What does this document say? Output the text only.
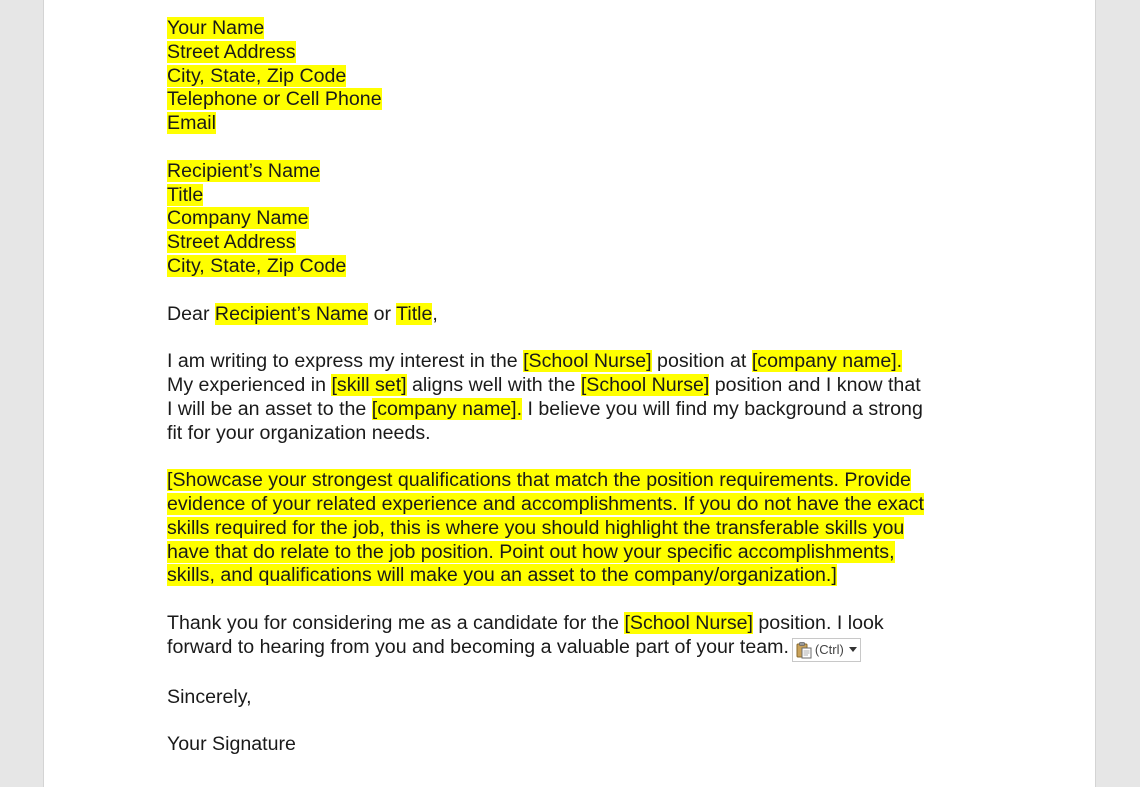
Your Name
Street Address
City, State, Zip Code
Telephone or Cell Phone
Email
Recipient’s Name
Title
Company Name
Street Address
City, State, Zip Code
Dear Recipient’s Name or Title,
I am writing to express my interest in the [School Nurse] position at [company name].
My experienced in [skill set] aligns well with the [School Nurse] position and I know that
I will be an asset to the [company name]. I believe you will find my background a strong
fit for your organization needs.
[Showcase your strongest qualifications that match the position requirements. Provide
evidence of your related experience and accomplishments. If you do not have the exact
skills required for the job, this is where you should highlight the transferable skills you
have that do relate to the job position. Point out how your specific accomplishments,
skills, and qualifications will make you an asset to the company/organization.]
Thank you for considering me as a candidate for the [School Nurse] position. I look
forward to hearing from you and becoming a valuable part of your team. (Ctrl)
Sincerely,
Your Signature
